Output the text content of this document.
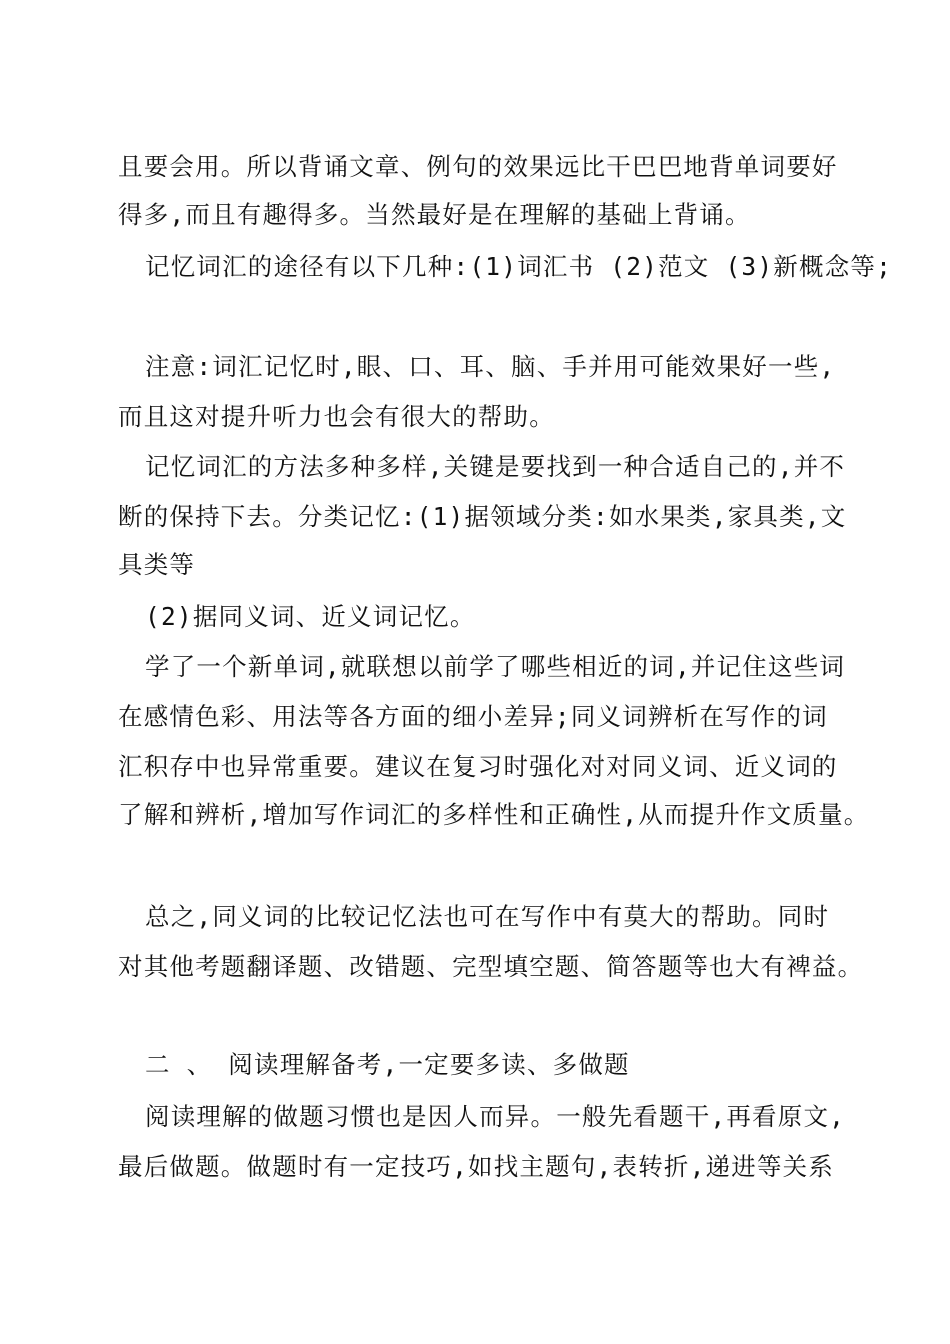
且要会用。所以背诵文章、例句的效果远比干巴巴地背单词要好
得多,而且有趣得多。当然最好是在理解的基础上背诵。
记忆词汇的途径有以下几种:(1)词汇书 (2)范文 (3)新概念等;
注意:词汇记忆时,眼、口、耳、脑、手并用可能效果好一些,
而且这对提升听力也会有很大的帮助。
记忆词汇的方法多种多样,关键是要找到一种合适自己的,并不
断的保持下去。分类记忆:(1)据领域分类:如水果类,家具类,文
具类等
(2)据同义词、近义词记忆。
学了一个新单词,就联想以前学了哪些相近的词,并记住这些词
在感情色彩、用法等各方面的细小差异;同义词辨析在写作的词
汇积存中也异常重要。建议在复习时强化对对同义词、近义词的
了解和辨析,增加写作词汇的多样性和正确性,从而提升作文质量。
总之,同义词的比较记忆法也可在写作中有莫大的帮助。同时
对其他考题翻译题、改错题、完型填空题、简答题等也大有裨益。
二 、 阅读理解备考,一定要多读、多做题
阅读理解的做题习惯也是因人而异。一般先看题干,再看原文,
最后做题。做题时有一定技巧,如找主题句,表转折,递进等关系
